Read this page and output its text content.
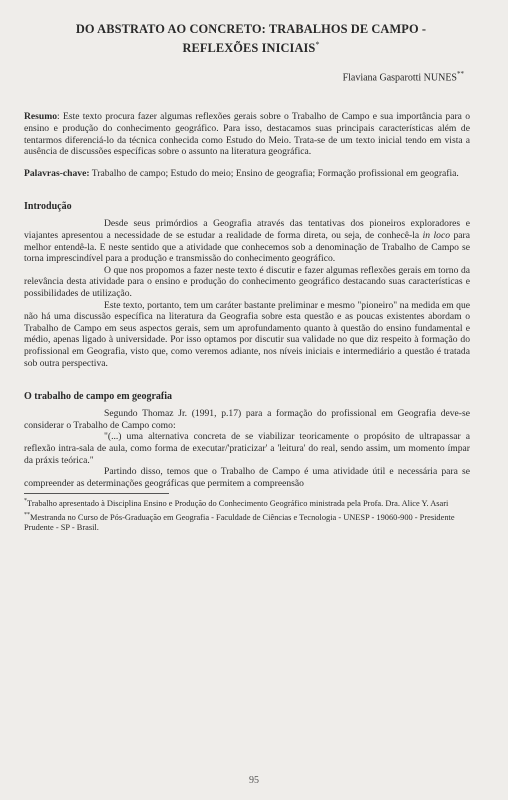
DO ABSTRATO AO CONCRETO: TRABALHOS DE CAMPO -
REFLEXÕES INICIAIS*
Flaviana Gasparotti NUNES**

Resumo: Este texto procura fazer algumas reflexões gerais sobre o Trabalho de Campo e sua importância para o ensino e produção do conhecimento geográfico. Para isso, destacamos suas principais características além de tentarmos diferenciá-lo da técnica conhecida como Estudo do Meio. Trata-se de um texto inicial tendo em vista a ausência de discussões específicas sobre o assunto na literatura geográfica.

Palavras-chave: Trabalho de campo; Estudo do meio; Ensino de geografia; Formação profissional em geografia.

Introdução

Desde seus primórdios a Geografia através das tentativas dos pioneiros exploradores e viajantes apresentou a necessidade de se estudar a realidade de forma direta, ou seja, de conhecê-la in loco para melhor entendê-la. E neste sentido que a atividade que conhecemos sob a denominação de Trabalho de Campo se torna imprescindível para a produção e transmissão do conhecimento geográfico.

O que nos propomos a fazer neste texto é discutir e fazer algumas reflexões gerais em torno da relevância desta atividade para o ensino e produção do conhecimento geográfico destacando suas características e possibilidades de utilização.

Este texto, portanto, tem um caráter bastante preliminar e mesmo "pioneiro" na medida em que não há uma discussão específica na literatura da Geografia sobre esta questão e as poucas existentes abordam o Trabalho de Campo em seus aspectos gerais, sem um aprofundamento quanto à questão do ensino fundamental e médio, apenas ligado à universidade. Por isso optamos por discutir sua validade no que diz respeito à formação do profissional em Geografia, visto que, como veremos adiante, nos níveis iniciais e intermediário a questão é tratada sob outra perspectiva.

O trabalho de campo em geografia

Segundo Thomaz Jr. (1991, p.17) para a formação do profissional em Geografia deve-se considerar o Trabalho de Campo como:

"(...) uma alternativa concreta de se viabilizar teoricamente o propósito de ultrapassar a reflexão intra-sala de aula, como forma de executar/'praticizar' a 'leitura' do real, sendo assim, um momento ímpar da práxis teórica."

Partindo disso, temos que o Trabalho de Campo é uma atividade útil e necessária para se compreender as determinações geográficas que permitem a compreensão

*Trabalho apresentado à Disciplina Ensino e Produção do Conhecimento Geográfico ministrada pela Profa. Dra. Alice Y. Asari

**Mestranda no Curso de Pós-Graduação em Geografia - Faculdade de Ciências e Tecnologia - UNESP - 19060-900 - Presidente Prudente - SP - Brasil.

95
